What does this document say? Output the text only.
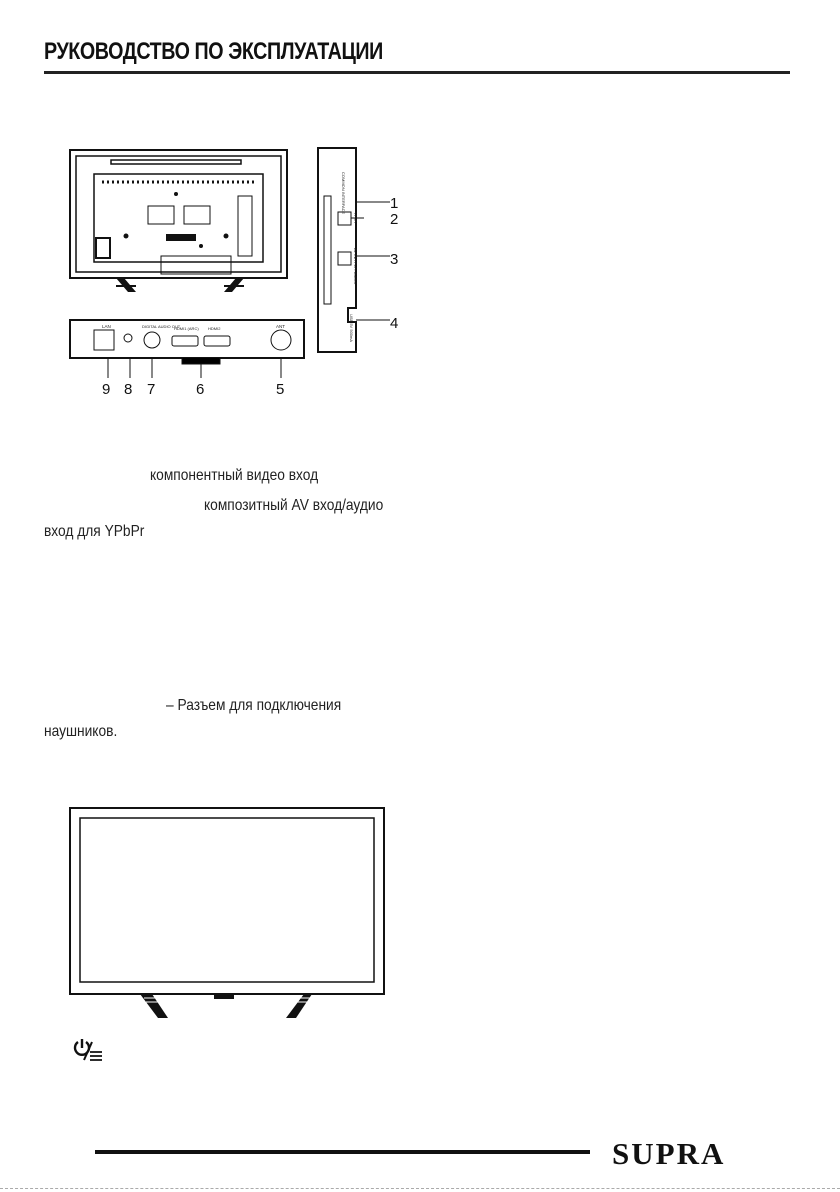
РУКОВОДСТВО ПО ЭКСПЛУАТАЦИИ
COMMON INTERFACE
YPbPr
AV IN/YPbPr AUDIO
USB 5V 500mA
1
2
3
4
LAN	DIGITAL AUDIO OUT
HDMI1 (ARC) HDMI2	ANT
9 8 7	6	5
компонентный видео вход
композитный AV вход/аудио
вход для YPbPr
– Разъем для подключения
наушников.
SUPRA
